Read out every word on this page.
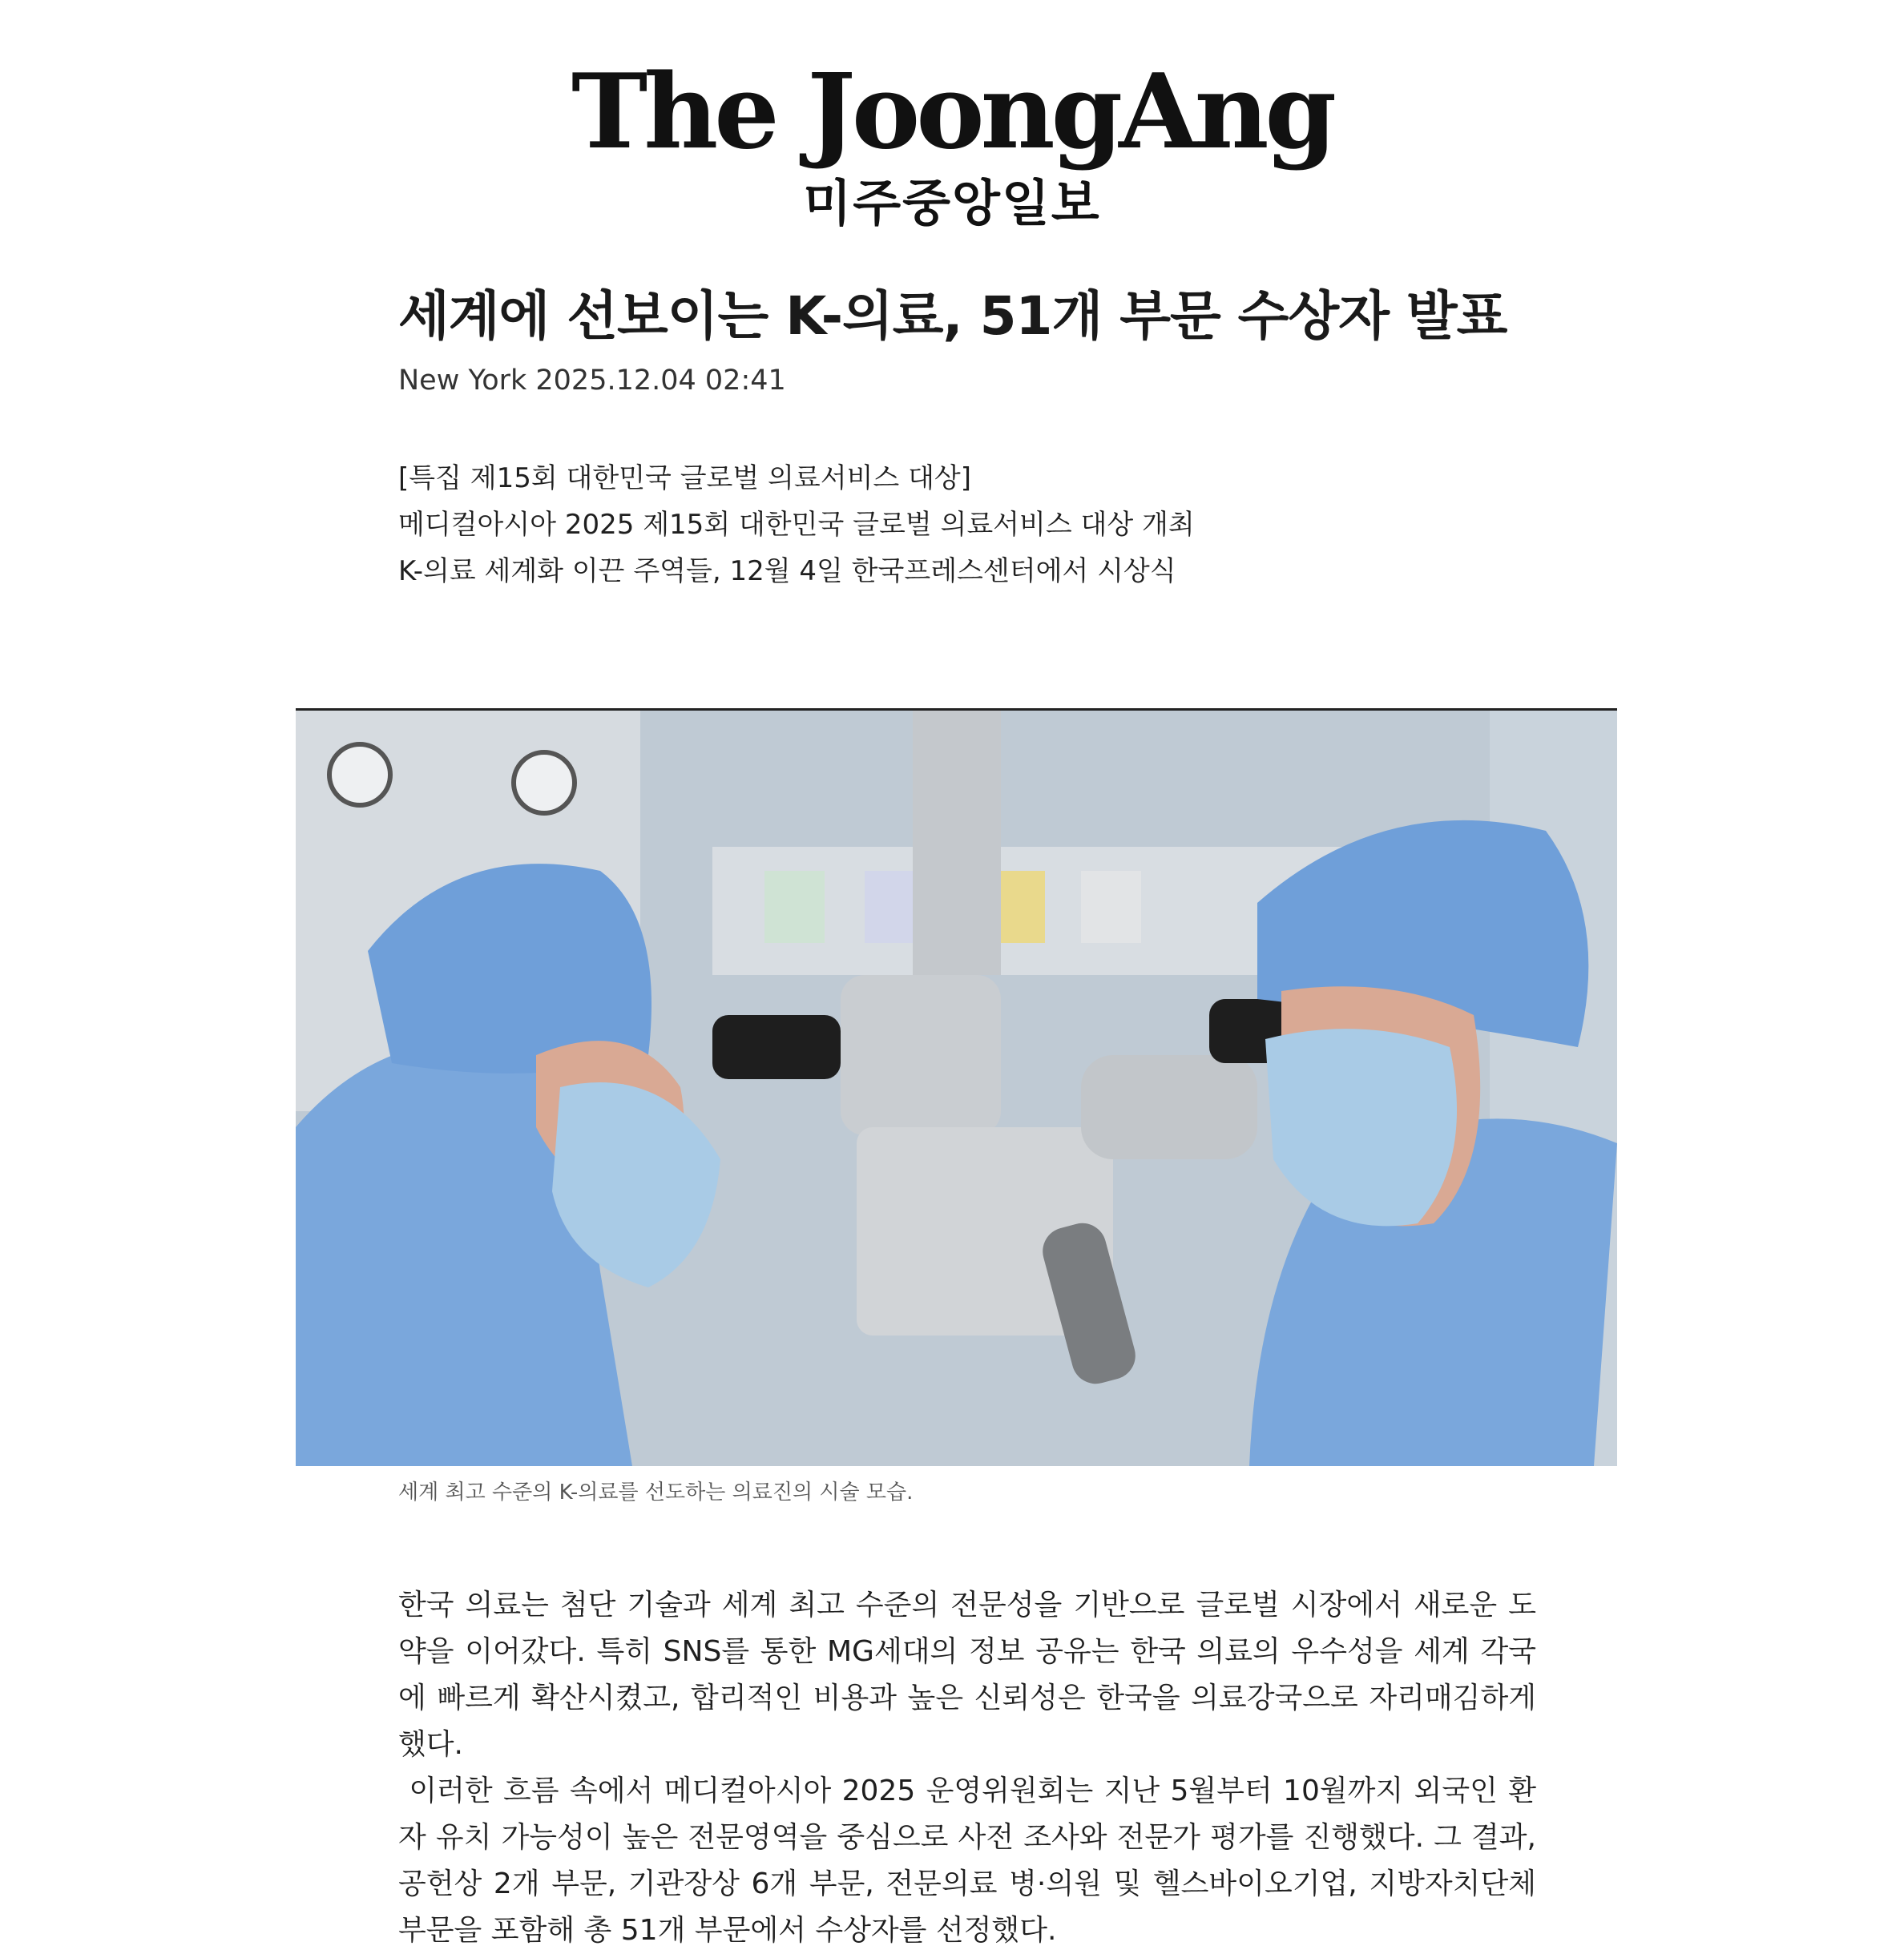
The JoongAng
미주중앙일보
세계에 선보이는 K-의료, 51개 부문 수상자 발표
New York 2025.12.04 02:41
[특집 제15회 대한민국 글로벌 의료서비스 대상]
메디컬아시아 2025 제15회 대한민국 글로벌 의료서비스 대상 개최
K-의료 세계화 이끈 주역들, 12월 4일 한국프레스센터에서 시상식
세계 최고 수준의 K-의료를 선도하는 의료진의 시술 모습.

한국 의료는 첨단 기술과 세계 최고 수준의 전문성을 기반으로 글로벌 시장에서 새로운 도약을 이어갔다. 특히 SNS를 통한 MG세대의 정보 공유는 한국 의료의 우수성을 세계 각국에 빠르게 확산시켰고, 합리적인 비용과 높은 신뢰성은 한국을 의료강국으로 자리매김하게 했다.

이러한 흐름 속에서 메디컬아시아 2025 운영위원회는 지난 5월부터 10월까지 외국인 환자 유치 가능성이 높은 전문영역을 중심으로 사전 조사와 전문가 평가를 진행했다. 그 결과, 공헌상 2개 부문, 기관장상 6개 부문, 전문의료 병·의원 및 헬스바이오기업, 지방자치단체 부문을 포함해 총 51개 부문에서 수상자를 선정했다.
